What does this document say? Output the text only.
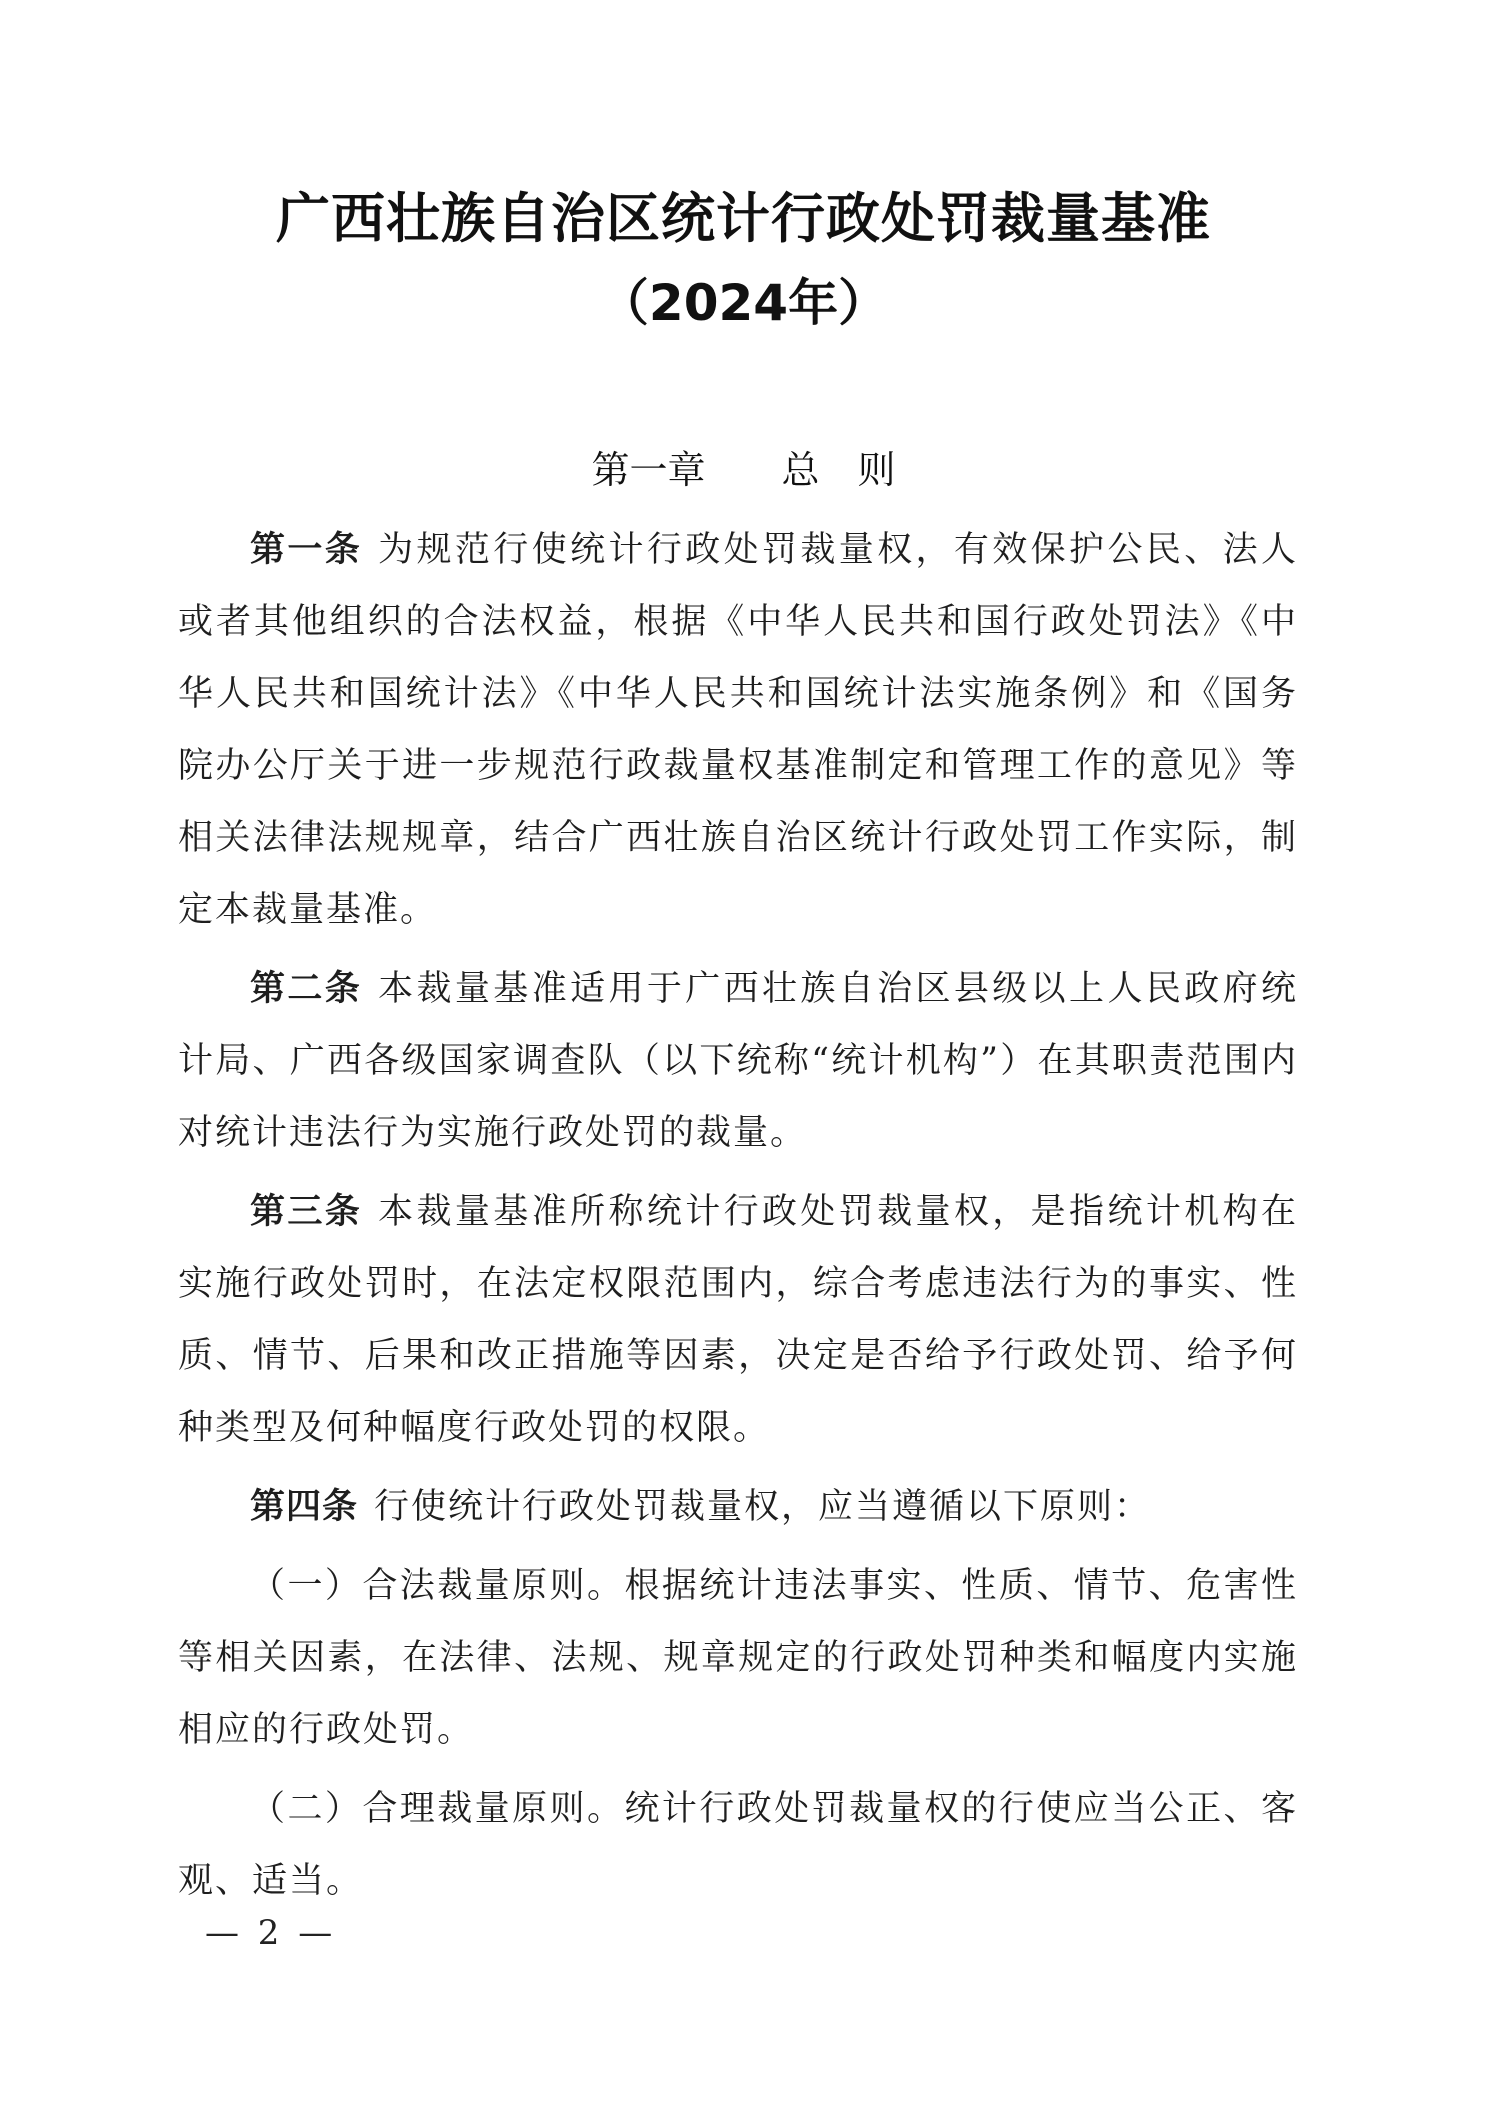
广西壮族自治区统计行政处罚裁量基准
（2024年）
第一章　　总　则

第一条 为规范行使统计行政处罚裁量权，有效保护公民、法人或者其他组织的合法权益，根据《中华人民共和国行政处罚法》《中华人民共和国统计法》《中华人民共和国统计法实施条例》和《国务院办公厅关于进一步规范行政裁量权基准制定和管理工作的意见》等相关法律法规规章，结合广西壮族自治区统计行政处罚工作实际，制定本裁量基准。

第二条 本裁量基准适用于广西壮族自治区县级以上人民政府统计局、广西各级国家调查队（以下统称“统计机构”）在其职责范围内对统计违法行为实施行政处罚的裁量。

第三条 本裁量基准所称统计行政处罚裁量权，是指统计机构在实施行政处罚时，在法定权限范围内，综合考虑违法行为的事实、性质、情节、后果和改正措施等因素，决定是否给予行政处罚、给予何种类型及何种幅度行政处罚的权限。

第四条 行使统计行政处罚裁量权，应当遵循以下原则：

（一）合法裁量原则。根据统计违法事实、性质、情节、危害性等相关因素，在法律、法规、规章规定的行政处罚种类和幅度内实施相应的行政处罚。

（二）合理裁量原则。统计行政处罚裁量权的行使应当公正、客观、适当。

— 2 —
